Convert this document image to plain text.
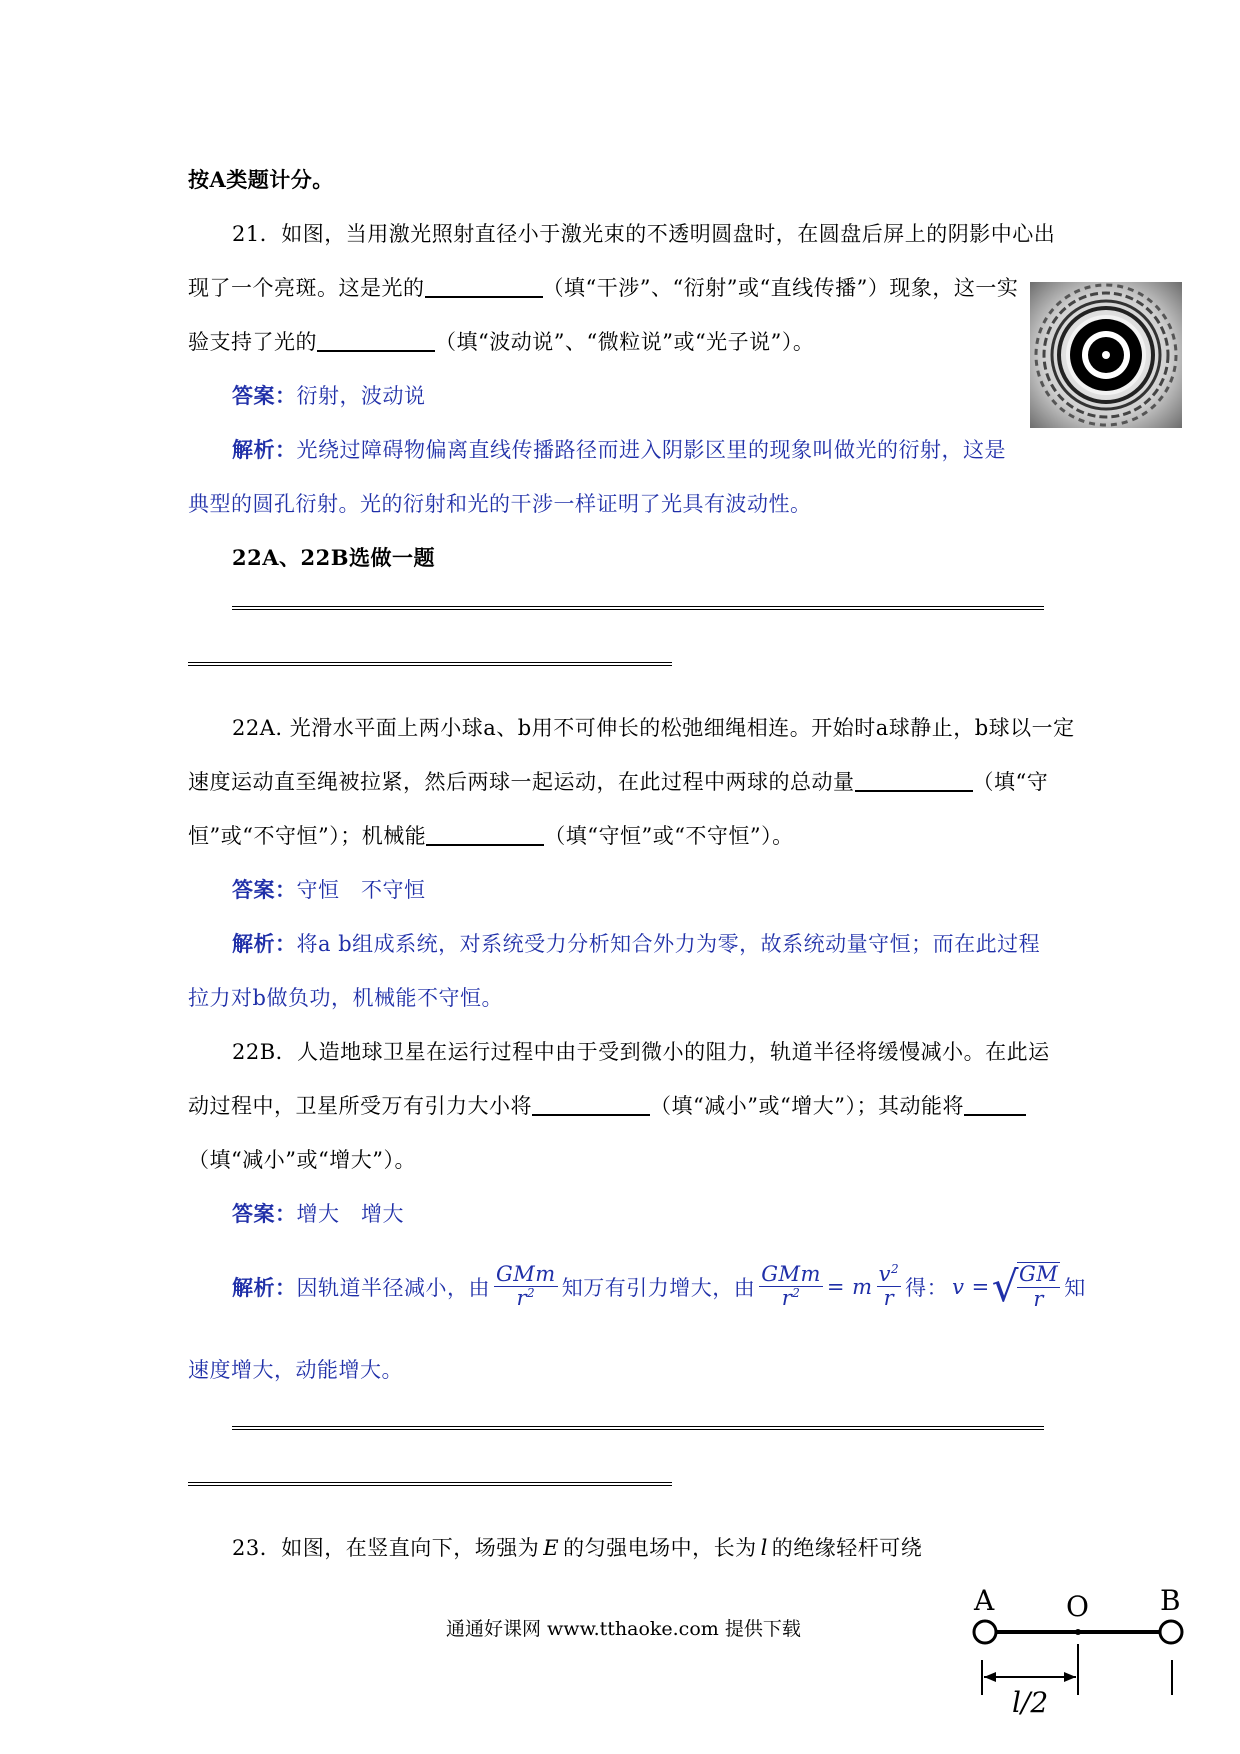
按A类题计分。
21．如图，当用激光照射直径小于激光束的不透明圆盘时，在圆盘后屏上的阴影中心出
现了一个亮斑。这是光的	（填“干涉”、“衍射”或“直线传播”）现象，这一实
验支持了光的	（填“波动说”、“微粒说”或“光子说”）。
答案：衍射，波动说
解析：光绕过障碍物偏离直线传播路径而进入阴影区里的现象叫做光的衍射，这是
典型的圆孔衍射。光的衍射和光的干涉一样证明了光具有波动性。
22A、22B选做一题
22A. 光滑水平面上两小球a、b用不可伸长的松弛细绳相连。开始时a球静止，b球以一定
速度运动直至绳被拉紧，然后两球一起运动，在此过程中两球的总动量	（填“守
恒”或“不守恒”）；机械能	（填“守恒”或“不守恒”）。
答案：守恒　不守恒
解析：将a b组成系统，对系统受力分析知合外力为零，故系统动量守恒；而在此过程
拉力对b做负功，机械能不守恒。
22B．人造地球卫星在运行过程中由于受到微小的阻力，轨道半径将缓慢减小。在此运
动过程中，卫星所受万有引力大小将	（填“减小”或“增大”）；其动能将
（填“减小”或“增大”）。
答案：增大　增大
解析： 因轨道半径减小，由 $\frac{\text{GMm}}{r^2}$ 知万有引力增大，由 $\frac{\text{GMm}}{r^2} = m \frac{v^2}{r}$ 得： v = √
$\frac{GM}{r}$ 知
速度增大，动能增大。
23．如图，在竖直向下，场强为 E 的匀强电场中，长为 l 的绝缘轻杆可绕
A	O	B
l/2
通通好课网 www.tthaoke.com 提供下载
